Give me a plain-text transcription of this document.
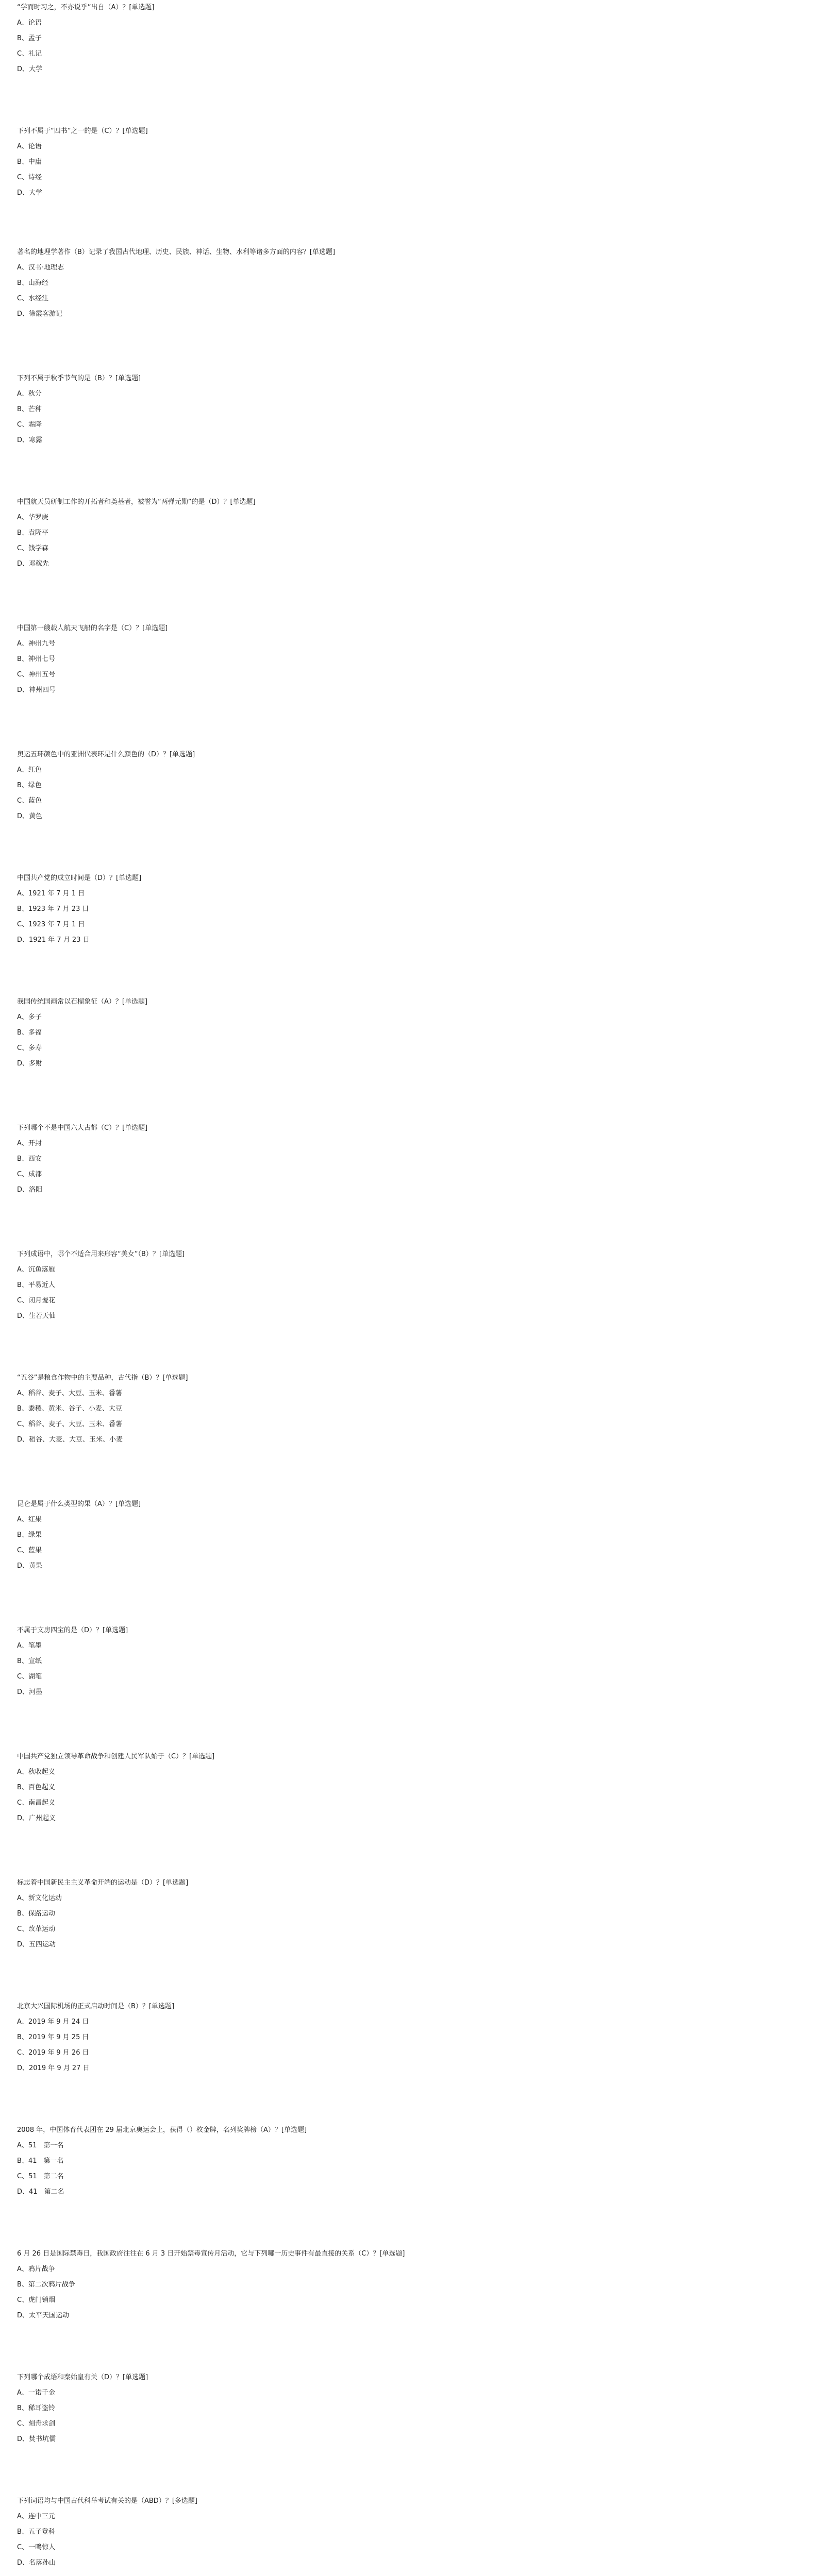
“学而时习之，不亦说乎”出自（A）？[单选题]
A、论语
B、孟子
C、礼记
D、大学
下列不属于“四书”之一的是（C）？[单选题]
A、论语
B、中庸
C、诗经
D、大学
著名的地理学著作（B）记录了我国古代地理、历史、民族、神话、生物、水利等诸多方面的内容？[单选题]
A、汉书·地理志
B、山海经
C、水经注
D、徐霞客游记
下列不属于秋季节气的是（B）？[单选题]
A、秋分
B、芒种
C、霜降
D、寒露
中国航天员研制工作的开拓者和奠基者，被誉为“两弹元勋”的是（D）？[单选题]
A、华罗庚
B、袁隆平
C、钱学森
D、邓稼先
中国第一艘载人航天飞船的名字是（C）？[单选题]
A、神州九号
B、神州七号
C、神州五号
D、神州四号
奥运五环颜色中的亚洲代表环是什么颜色的（D）？[单选题]
A、红色
B、绿色
C、蓝色
D、黄色
中国共产党的成立时间是（D）？[单选题]
A、1921 年 7 月 1 日
B、1923 年 7 月 23 日
C、1923 年 7 月 1 日
D、1921 年 7 月 23 日
我国传统国画常以石榴象征（A）？[单选题]
A、多子
B、多福
C、多寿
D、多财
下列哪个不是中国六大古都（C）？[单选题]
A、开封
B、西安
C、成都
D、洛阳
下列成语中，哪个不适合用来形容“美女”（B）？[单选题]
A、沉鱼落雁
B、平易近人
C、闭月羞花
D、生若天仙
“五谷”是粮食作物中的主要品种，古代指（B）？[单选题]
A、稻谷、麦子、大豆、玉米、番薯
B、黍稷、黄米、谷子、小麦、大豆
C、稻谷、麦子、大豆、玉米、番薯
D、稻谷、大麦、大豆、玉米、小麦
昆仑是属于什么类型的果（A）？[单选题]
A、红果
B、绿果
C、蓝果
D、黄果
不属于文房四宝的是（D）？[单选题]
A、笔墨
B、宣纸
C、湖笔
D、河墨
中国共产党独立领导革命战争和创建人民军队始于（C）？[单选题]
A、秋收起义
B、百色起义
C、南昌起义
D、广州起义
标志着中国新民主主义革命开端的运动是（D）？[单选题]
A、新文化运动
B、保路运动
C、改革运动
D、五四运动
北京大兴国际机场的正式启动时间是（B）？[单选题]
A、2019 年 9 月 24 日
B、2019 年 9 月 25 日
C、2019 年 9 月 26 日
D、2019 年 9 月 27 日
2008 年，中国体育代表团在 29 届北京奥运会上，获得（）枚金牌，名列奖牌榜（A）？[单选题]
A、51　第一名
B、41　第一名
C、51　第二名
D、41　第二名
6 月 26 日是国际禁毒日，我国政府往往在 6 月 3 日开始禁毒宣传月活动，它与下列哪一历史事件有最直接的关系（C）？[单选题]
A、鸦片战争
B、第二次鸦片战争
C、虎门销烟
D、太平天国运动
下列哪个成语和秦始皇有关（D）？[单选题]
A、一诺千金
B、稀耳盗铃
C、刻舟求剑
D、焚书坑儒
下列词语均与中国古代科举考试有关的是（ABD）？[多选题]
A、连中三元
B、五子登科
C、一鸣惊人
D、名落孙山
